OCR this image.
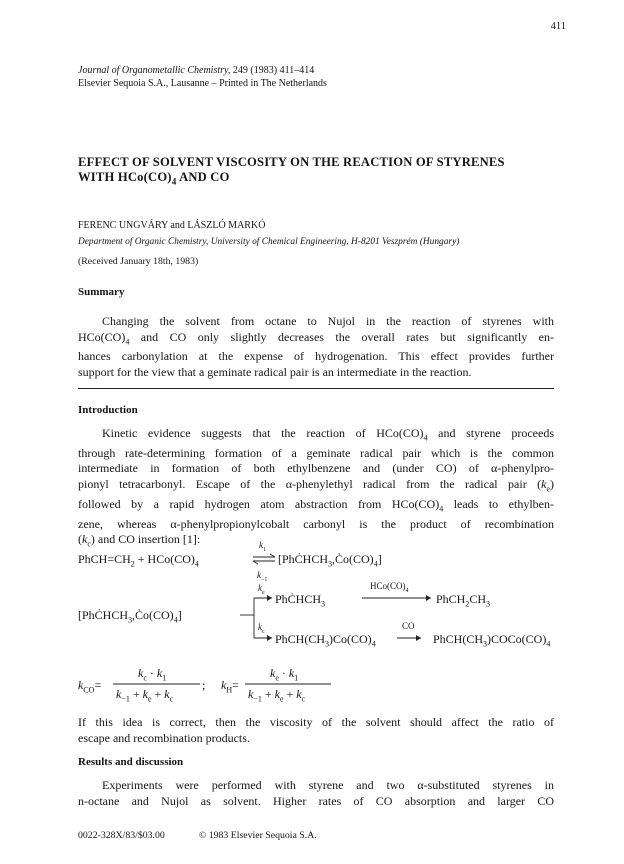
411
Journal of Organometallic Chemistry, 249 (1983) 411–414
Elsevier Sequoia S.A., Lausanne – Printed in The Netherlands
EFFECT OF SOLVENT VISCOSITY ON THE REACTION OF STYRENES
WITH $HCo(CO)_4$ AND CO
FERENC UNGVÁRY and LÁSZLÓ MARKÓ
Department of Organic Chemistry, University of Chemical Engineering, H-8201 Veszprém (Hungary)
(Received January 18th, 1983)
Summary
Changing the solvent from octane to Nujol in the reaction of styrenes with
$HCo(CO)_4$ and CO only slightly decreases the overall rates but significantly en-
hances carbonylation at the expense of hydrogenation. This effect provides further
support for the view that a geminate radical pair is an intermediate in the reaction.
Introduction
Kinetic evidence suggests that the reaction of $HCo(CO)_4$ and styrene proceeds
through rate-determining formation of a geminate radical pair which is the common
intermediate in formation of both ethylbenzene and (under CO) of α-phenylpro-
pionyl tetracarbonyl. Escape of the α-phenylethyl radical from the radical pair $(k_e)$
followed by a rapid hydrogen atom abstraction from $HCo(CO)_4$ leads to ethylben-
zene, whereas α-phenylpropionylcobalt carbonyl is the product of recombination
$(k_c)$ and CO insertion [1]:
$PhCH=CH_2 + HCo(CO)_4$
$k_1$
$k_{-1}$
$[PhĊHCH_3,Ċo(CO)_4]$
$[PhĊHCH_3,Ċo(CO)_4]$
$k_e$
$k_c$
PhĊHCH$_3$
$HCo(CO)_4$
$PhCH_2CH_3$
$PhCH(CH_3)Co(CO)_4$
CO
$PhCH(CH_3)COCo(CO)_4$
$k_{CO}=$
$k_c \cdot k_1$
$k_{-1} + k_e + k_c$
; $k_H=$
$k_e \cdot k_1$
$k_{-1} + k_e + k_c$
If this idea is correct, then the viscosity of the solvent should affect the ratio of
escape and recombination products.
Results and discussion
Experiments were performed with styrene and two α-substituted styrenes in
n-octane and Nujol as solvent. Higher rates of CO absorption and larger CO
0022-328X/83/$03.00	© 1983 Elsevier Sequoia S.A.
